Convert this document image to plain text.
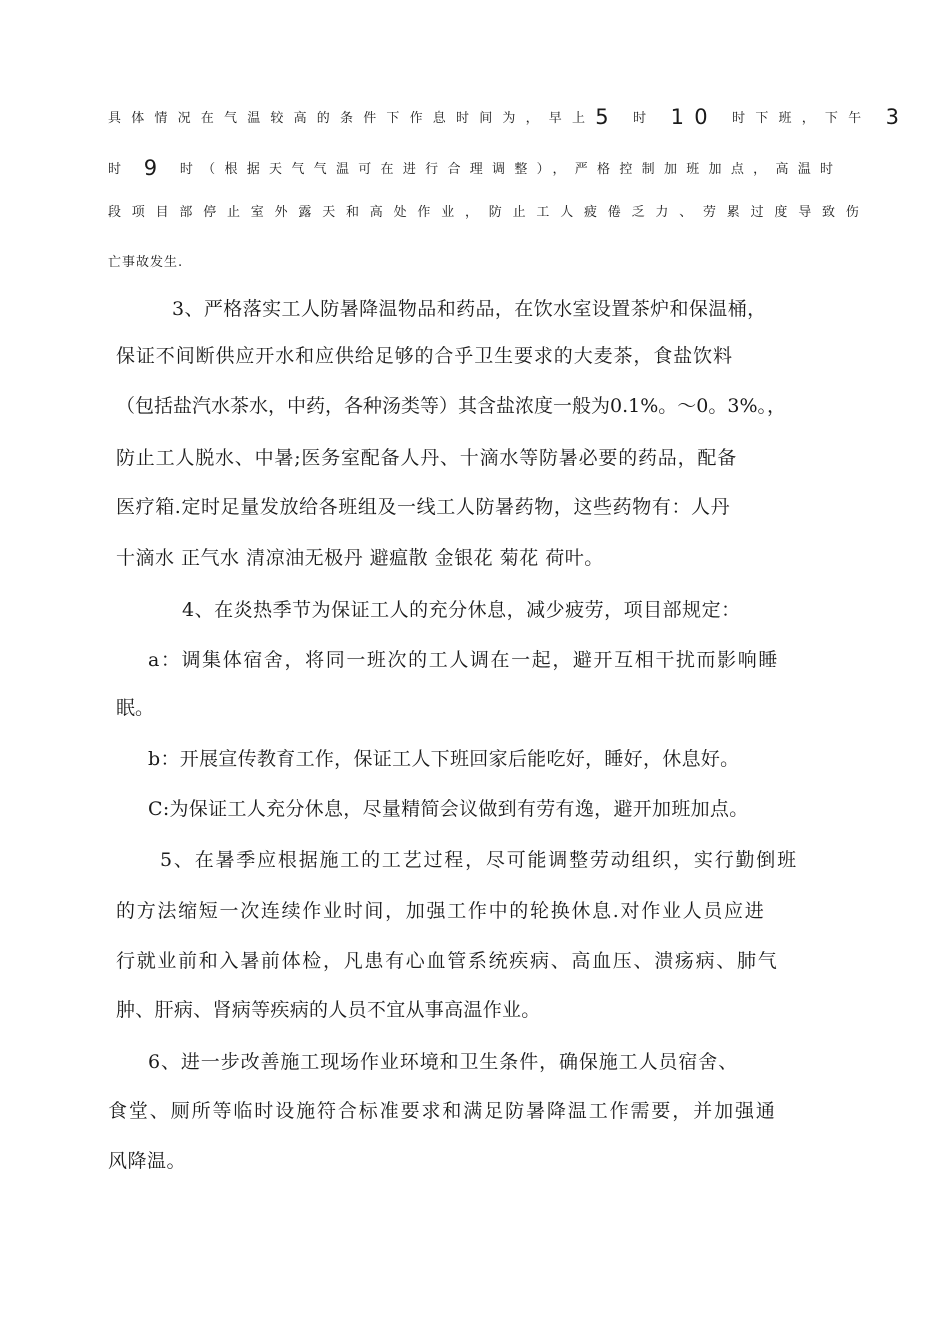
具体情况在气温较高的条件下作息时间为，早上5 时 10 时下班，下午 3
时 9 时（根据天气气温可在进行合理调整），严格控制加班加点，高温时
段项目部停止室外露天和高处作业，防止工人疲倦乏力、劳累过度导致伤
亡事故发生.
3、严格落实工人防暑降温物品和药品，在饮水室设置茶炉和保温桶，
保证不间断供应开水和应供给足够的合乎卫生要求的大麦茶，食盐饮料
（包括盐汽水茶水，中药，各种汤类等）其含盐浓度一般为0.1%。〜0。3%。，
防止工人脱水、中暑;医务室配备人丹、十滴水等防暑必要的药品，配备
医疗箱.定时足量发放给各班组及一线工人防暑药物，这些药物有：人丹
十滴水 正气水 清凉油无极丹 避瘟散 金银花 菊花 荷叶。
4、在炎热季节为保证工人的充分休息，减少疲劳，项目部规定：
a：调集体宿舍，将同一班次的工人调在一起，避开互相干扰而影响睡
眠。
b：开展宣传教育工作，保证工人下班回家后能吃好，睡好，休息好。
C:为保证工人充分休息，尽量精简会议做到有劳有逸，避开加班加点。
5、在暑季应根据施工的工艺过程，尽可能调整劳动组织，实行勤倒班
的方法缩短一次连续作业时间，加强工作中的轮换休息.对作业人员应进
行就业前和入暑前体检，凡患有心血管系统疾病、高血压、溃疡病、肺气
肿、肝病、肾病等疾病的人员不宜从事高温作业。
6、进一步改善施工现场作业环境和卫生条件，确保施工人员宿舍、
食堂、厕所等临时设施符合标准要求和满足防暑降温工作需要，并加强通
风降温。
